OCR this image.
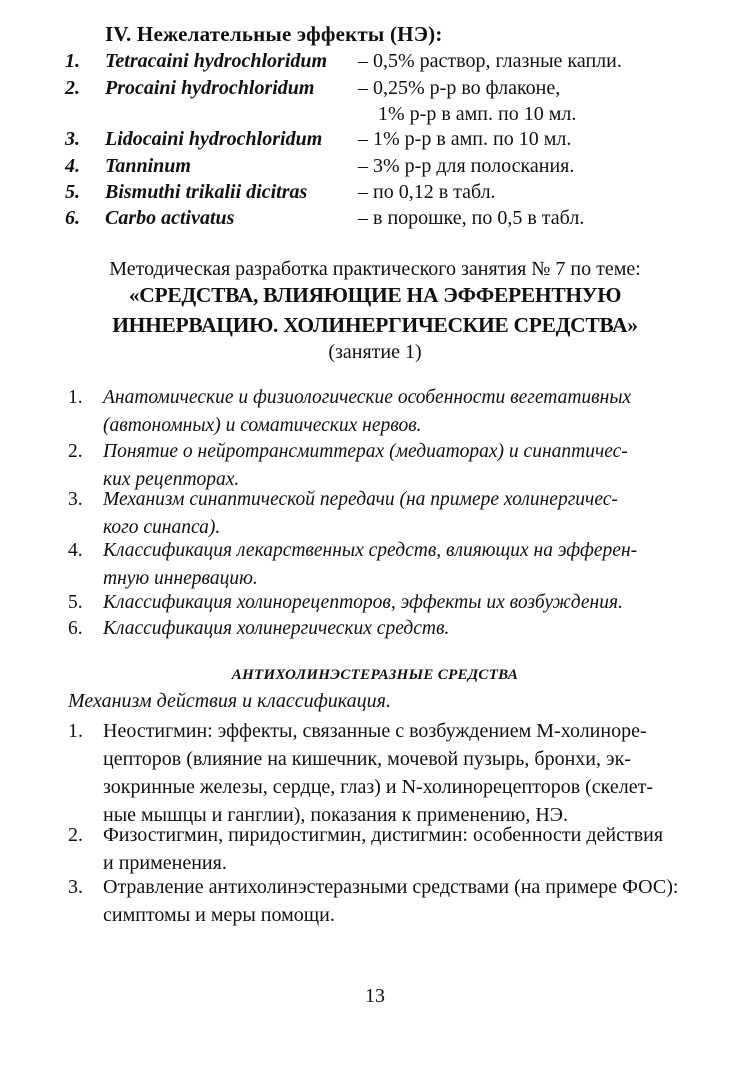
IV. Нежелательные эффекты (НЭ):
1. Tetracaini hydrochloridum – 0,5% раствор, глазные капли.
2. Procaini hydrochloridum – 0,25% р-р во флаконе,
1% р-р в амп. по 10 мл.
3. Lidocaini hydrochloridum – 1% р-р в амп. по 10 мл.
4. Tanninum	– 3% р-р для полоскания.
5. Bismuthi trikalii dicitras	– по 0,12 в табл.
6. Carbo activatus	– в порошке, по 0,5 в табл.
Методическая разработка практического занятия № 7 по теме:
«СРЕДСТВА, ВЛИЯЮЩИЕ НА ЭФФЕРЕНТНУЮ
ИННЕРВАЦИЮ. ХОЛИНЕРГИЧЕСКИЕ СРЕДСТВА»
(занятие 1)
1. Анатомические и физиологические особенности вегетативных
(автономных) и соматических нервов.
2. Понятие о нейротрансмиттерах (медиаторах) и синаптичес-
ких рецепторах.
3. Механизм синаптической передачи (на примере холинергичес-
кого синапса).
4. Классификация лекарственных средств, влияющих на эфферен-
тную иннервацию.
5. Классификация холинорецепторов, эффекты их возбуждения.
6. Классификация холинергических средств.
АНТИХОЛИНЭСТЕРАЗНЫЕ СРЕДСТВА
Механизм действия и классификация.
1. Неостигмин: эффекты, связанные с возбуждением М-холиноре-
цепторов (влияние на кишечник, мочевой пузырь, бронхи, эк-
зокринные железы, сердце, глаз) и N-холинорецепторов (скелет-
ные мышцы и ганглии), показания к применению, НЭ.
2. Физостигмин, пиридостигмин, дистигмин: особенности действия
и применения.
3. Отравление антихолинэстеразными средствами (на примере ФОС):
симптомы и меры помощи.
13
